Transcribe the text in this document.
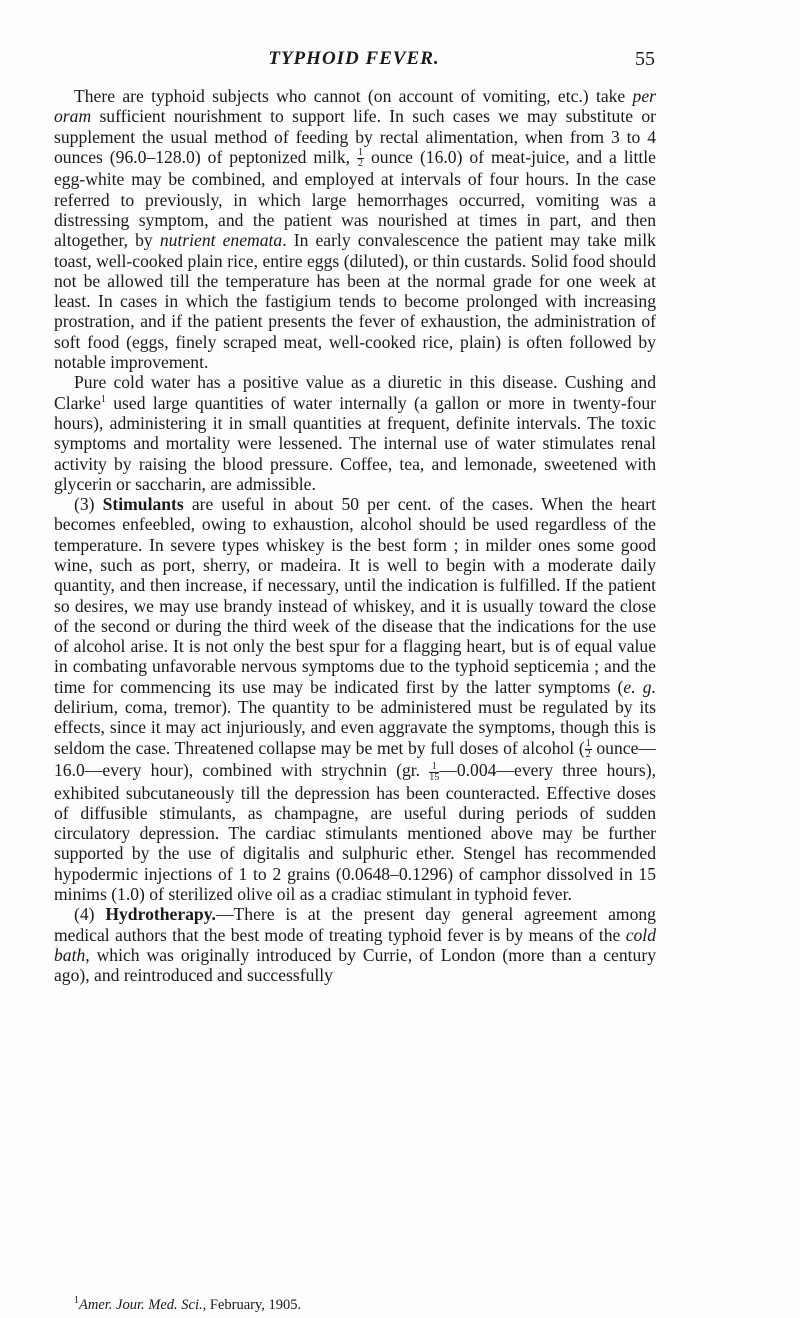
TYPHOID FEVER.	55

There are typhoid subjects who cannot (on account of vomiting, etc.) take per oram sufficient nourishment to support life. In such cases we may substitute or supplement the usual method of feeding by rectal alimentation, when from 3 to 4 ounces (96.0–128.0) of peptonized milk, $\frac{1}{2}$ ounce (16.0) of meat-juice, and a little egg-white may be combined, and employed at intervals of four hours. In the case referred to previously, in which large hemorrhages occurred, vomiting was a distressing symptom, and the patient was nourished at times in part, and then altogether, by nutrient enemata. In early convalescence the patient may take milk toast, well-cooked plain rice, entire eggs (diluted), or thin custards. Solid food should not be allowed till the temperature has been at the normal grade for one week at least. In cases in which the fastigium tends to become prolonged with increasing prostration, and if the patient presents the fever of exhaustion, the administration of soft food (eggs, finely scraped meat, well-cooked rice, plain) is often followed by notable improvement.

Pure cold water has a positive value as a diuretic in this disease. Cushing and Clarke$^1$ used large quantities of water internally (a gallon or more in twenty-four hours), administering it in small quantities at frequent, definite intervals. The toxic symptoms and mortality were lessened. The internal use of water stimulates renal activity by raising the blood pressure. Coffee, tea, and lemonade, sweetened with glycerin or saccharin, are admissible.

(3) Stimulants are useful in about 50 per cent. of the cases. When the heart becomes enfeebled, owing to exhaustion, alcohol should be used regardless of the temperature. In severe types whiskey is the best form ; in milder ones some good wine, such as port, sherry, or madeira. It is well to begin with a moderate daily quantity, and then increase, if necessary, until the indication is fulfilled. If the patient so desires, we may use brandy instead of whiskey, and it is usually toward the close of the second or during the third week of the disease that the indications for the use of alcohol arise. It is not only the best spur for a flagging heart, but is of equal value in combating unfavorable nervous symptoms due to the typhoid septicemia ; and the time for commencing its use may be indicated first by the latter symptoms (e. g. delirium, coma, tremor). The quantity to be administered must be regulated by its effects, since it may act injuriously, and even aggravate the symptoms, though this is seldom the case. Threatened collapse may be met by full doses of alcohol ( $\frac{1}{2}$ ounce—16.0—every hour), combined with strychnin (gr. $\frac{1}{15}$ —0.004—every three hours), exhibited subcutaneously till the depression has been counteracted. Effective doses of diffusible stimulants, as champagne, are useful during periods of sudden circulatory depression. The cardiac stimulants mentioned above may be further supported by the use of digitalis and sulphuric ether. Stengel has recommended hypodermic injections of 1 to 2 grains (0.0648–0.1296) of camphor dissolved in 15 minims (1.0) of sterilized olive oil as a cradiac stimulant in typhoid fever.

(4) Hydrotherapy.—There is at the present day general agreement among medical authors that the best mode of treating typhoid fever is by means of the cold bath, which was originally introduced by Currie, of London (more than a century ago), and reintroduced and successfully

$^1$Amer. Jour. Med. Sci., February, 1905.
